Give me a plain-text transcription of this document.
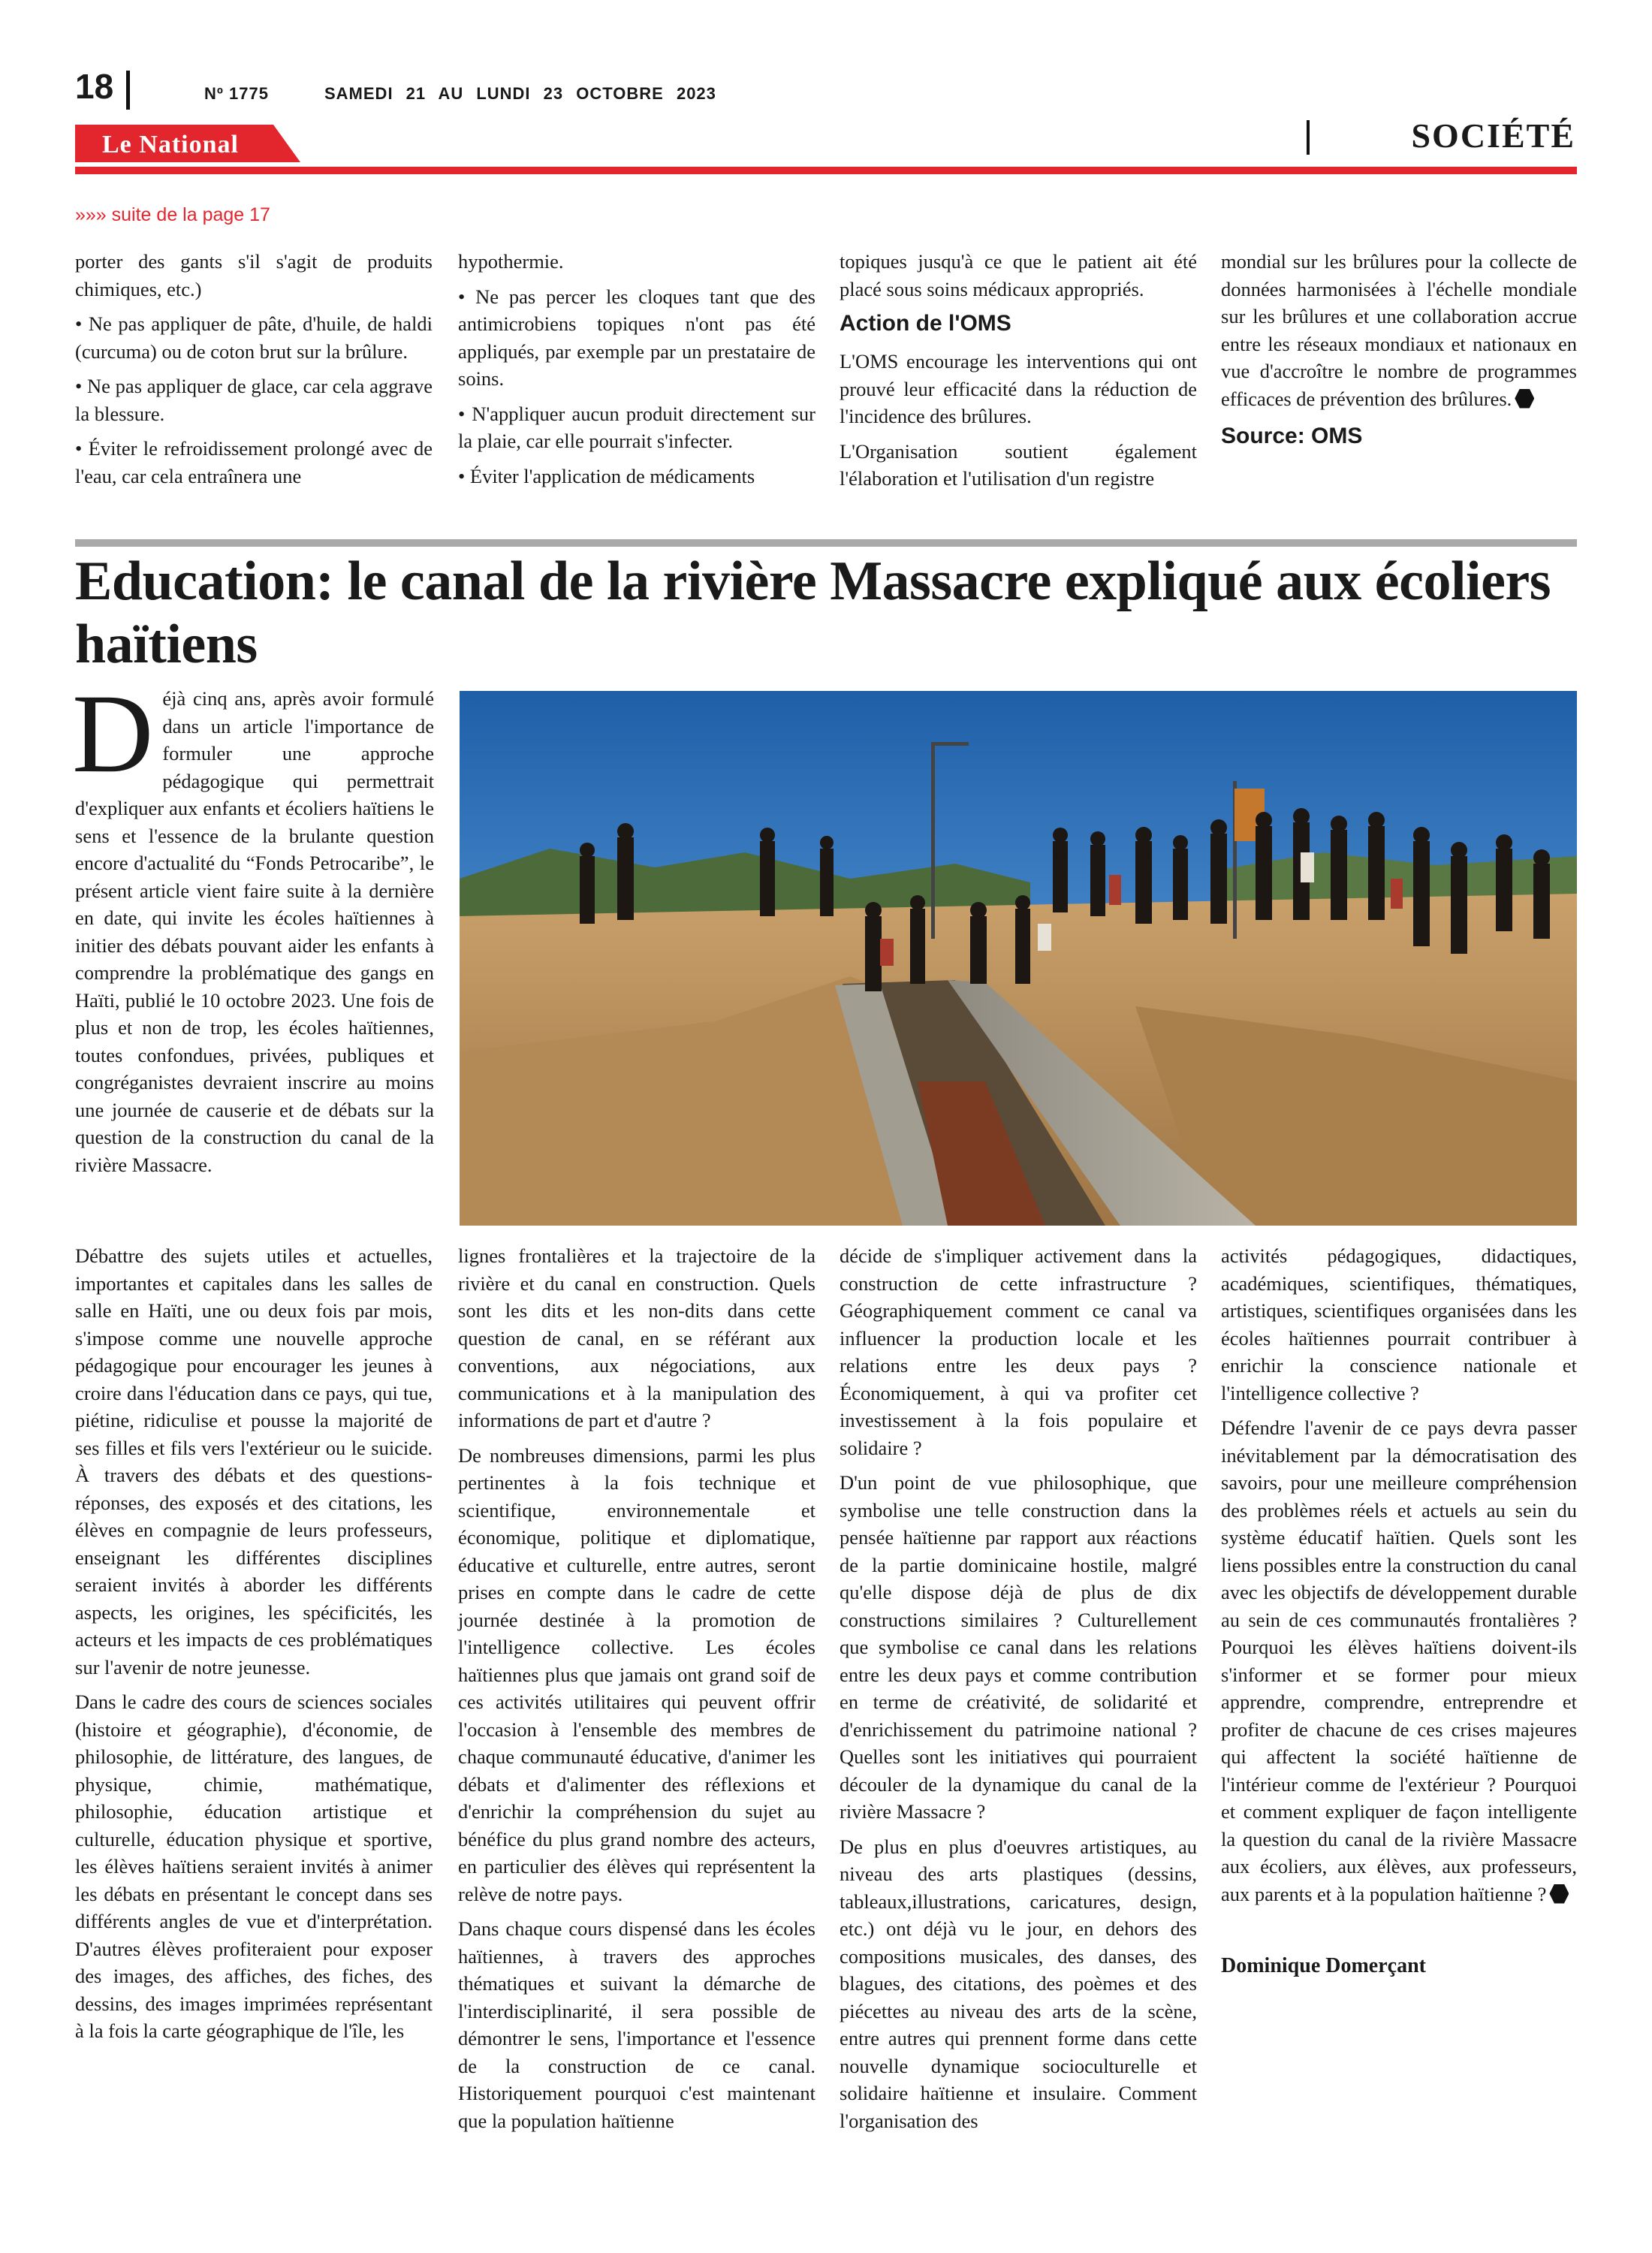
18	Nº 1775	SAMEDI 21 AU LUNDI 23 OCTOBRE 2023
Le National	SOCIÉTÉ
»»» suite de la page 17

porter des gants s'il s'agit de produits chimiques, etc.)

• Ne pas appliquer de pâte, d'huile, de haldi (curcuma) ou de coton brut sur la brûlure.

• Ne pas appliquer de glace, car cela aggrave la blessure.

• Éviter le refroidissement prolongé avec de l'eau, car cela entraînera une

hypothermie.

• Ne pas percer les cloques tant que des antimicrobiens topiques n'ont pas été appliqués, par exemple par un prestataire de soins.

• N'appliquer aucun produit directement sur la plaie, car elle pourrait s'infecter.

• Éviter l'application de médicaments

topiques jusqu'à ce que le patient ait été placé sous soins médicaux appropriés.

Action de l'OMS

L'OMS encourage les interventions qui ont prouvé leur efficacité dans la réduction de l'incidence des brûlures.

L'Organisation soutient également l'élaboration et l'utilisation d'un registre

mondial sur les brûlures pour la collecte de données harmonisées à l'échelle mondiale sur les brûlures et une collaboration accrue entre les réseaux mondiaux et nationaux en vue d'accroître le nombre de programmes efficaces de prévention des brûlures.

Source: OMS
Education: le canal de la rivière Massacre expliqué aux écoliers haïtiens

Déjà cinq ans, après avoir formulé dans un article l'importance de formuler une approche pédagogique qui permettrait d'expliquer aux enfants et écoliers haïtiens le sens et l'essence de la brulante question encore d'actualité du “Fonds Petrocaribe”, le présent article vient faire suite à la dernière en date, qui invite les écoles haïtiennes à initier des débats pouvant aider les enfants à comprendre la problématique des gangs en Haïti, publié le 10 octobre 2023. Une fois de plus et non de trop, les écoles haïtiennes, toutes confondues, privées, publiques et congréganistes devraient inscrire au moins une journée de causerie et de débats sur la question de la construction du canal de la rivière Massacre.

Débattre des sujets utiles et actuelles, importantes et capitales dans les salles de salle en Haïti, une ou deux fois par mois, s'impose comme une nouvelle approche pédagogique pour encourager les jeunes à croire dans l'éducation dans ce pays, qui tue, piétine, ridiculise et pousse la majorité de ses filles et fils vers l'extérieur ou le suicide. À travers des débats et des questions-réponses, des exposés et des citations, les élèves en compagnie de leurs professeurs, enseignant les différentes disciplines seraient invités à aborder les différents aspects, les origines, les spécificités, les acteurs et les impacts de ces problématiques sur l'avenir de notre jeunesse.

Dans le cadre des cours de sciences sociales (histoire et géographie), d'économie, de philosophie, de littérature, des langues, de physique, chimie, mathématique, philosophie, éducation artistique et culturelle, éducation physique et sportive, les élèves haïtiens seraient invités à animer les débats en présentant le concept dans ses différents angles de vue et d'interprétation. D'autres élèves profiteraient pour exposer des images, des affiches, des fiches, des dessins, des images imprimées représentant à la fois la carte géographique de l'île, les

lignes frontalières et la trajectoire de la rivière et du canal en construction. Quels sont les dits et les non-dits dans cette question de canal, en se référant aux conventions, aux négociations, aux communications et à la manipulation des informations de part et d'autre ?

De nombreuses dimensions, parmi les plus pertinentes à la fois technique et scientifique, environnementale et économique, politique et diplomatique, éducative et culturelle, entre autres, seront prises en compte dans le cadre de cette journée destinée à la promotion de l'intelligence collective. Les écoles haïtiennes plus que jamais ont grand soif de ces activités utilitaires qui peuvent offrir l'occasion à l'ensemble des membres de chaque communauté éducative, d'animer les débats et d'alimenter des réflexions et d'enrichir la compréhension du sujet au bénéfice du plus grand nombre des acteurs, en particulier des élèves qui représentent la relève de notre pays.

Dans chaque cours dispensé dans les écoles haïtiennes, à travers des approches thématiques et suivant la démarche de l'interdisciplinarité, il sera possible de démontrer le sens, l'importance et l'essence de la construction de ce canal. Historiquement pourquoi c'est maintenant que la population haïtienne

décide de s'impliquer activement dans la construction de cette infrastructure ? Géographiquement comment ce canal va influencer la production locale et les relations entre les deux pays ? Économiquement, à qui va profiter cet investissement à la fois populaire et solidaire ?

D'un point de vue philosophique, que symbolise une telle construction dans la pensée haïtienne par rapport aux réactions de la partie dominicaine hostile, malgré qu'elle dispose déjà de plus de dix constructions similaires ? Culturellement que symbolise ce canal dans les relations entre les deux pays et comme contribution en terme de créativité, de solidarité et d'enrichissement du patrimoine national ? Quelles sont les initiatives qui pourraient découler de la dynamique du canal de la rivière Massacre ?

De plus en plus d'oeuvres artistiques, au niveau des arts plastiques (dessins, tableaux,illustrations, caricatures, design, etc.) ont déjà vu le jour, en dehors des compositions musicales, des danses, des blagues, des citations, des poèmes et des piécettes au niveau des arts de la scène, entre autres qui prennent forme dans cette nouvelle dynamique socioculturelle et solidaire haïtienne et insulaire. Comment l'organisation des

activités pédagogiques, didactiques, académiques, scientifiques, thématiques, artistiques, scientifiques organisées dans les écoles haïtiennes pourrait contribuer à enrichir la conscience nationale et l'intelligence collective ?

Défendre l'avenir de ce pays devra passer inévitablement par la démocratisation des savoirs, pour une meilleure compréhension des problèmes réels et actuels au sein du système éducatif haïtien. Quels sont les liens possibles entre la construction du canal avec les objectifs de développement durable au sein de ces communautés frontalières ? Pourquoi les élèves haïtiens doivent-ils s'informer et se former pour mieux apprendre, comprendre, entreprendre et profiter de chacune de ces crises majeures qui affectent la société haïtienne de l'intérieur comme de l'extérieur ? Pourquoi et comment expliquer de façon intelligente la question du canal de la rivière Massacre aux écoliers, aux élèves, aux professeurs, aux parents et à la population haïtienne ?

Dominique Domerçant
